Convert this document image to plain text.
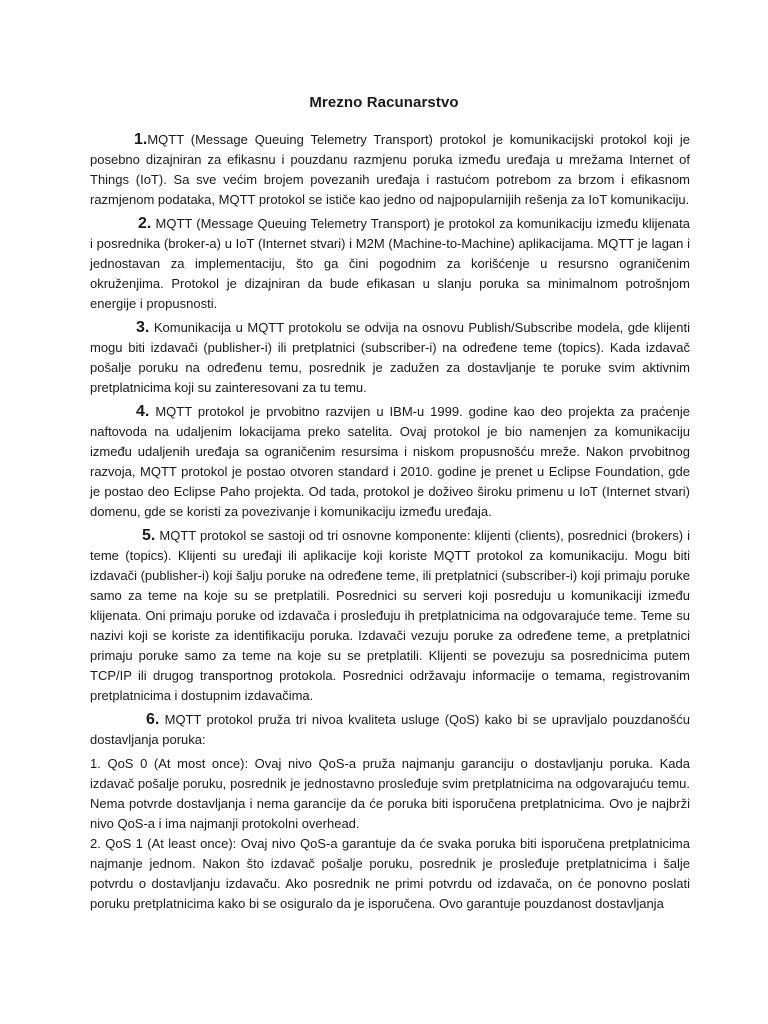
Mrezno Racunarstvo

1.MQTT (Message Queuing Telemetry Transport) protokol je komunikacijski protokol koji je posebno dizajniran za efikasnu i pouzdanu razmjenu poruka između uređaja u mrežama Internet of Things (IoT). Sa sve većim brojem povezanih uređaja i rastućom potrebom za brzom i efikasnom razmjenom podataka, MQTT protokol se ističe kao jedno od najpopularnijih rešenja za IoT komunikaciju.

2. MQTT (Message Queuing Telemetry Transport) je protokol za komunikaciju između klijenata i posrednika (broker-a) u IoT (Internet stvari) i M2M (Machine-to-Machine) aplikacijama. MQTT je lagan i jednostavan za implementaciju, što ga čini pogodnim za korišćenje u resursno ograničenim okruženjima. Protokol je dizajniran da bude efikasan u slanju poruka sa minimalnom potrošnjom energije i propusnosti.

3. Komunikacija u MQTT protokolu se odvija na osnovu Publish/Subscribe modela, gde klijenti mogu biti izdavači (publisher-i) ili pretplatnici (subscriber-i) na određene teme (topics). Kada izdavač pošalje poruku na određenu temu, posrednik je zadužen za dostavljanje te poruke svim aktivnim pretplatnicima koji su zainteresovani za tu temu.

4. MQTT protokol je prvobitno razvijen u IBM-u 1999. godine kao deo projekta za praćenje naftovoda na udaljenim lokacijama preko satelita. Ovaj protokol je bio namenjen za komunikaciju između udaljenih uređaja sa ograničenim resursima i niskom propusnošću mreže. Nakon prvobitnog razvoja, MQTT protokol je postao otvoren standard i 2010. godine je prenet u Eclipse Foundation, gde je postao deo Eclipse Paho projekta. Od tada, protokol je doživeo široku primenu u IoT (Internet stvari) domenu, gde se koristi za povezivanje i komunikaciju između uređaja.

5. MQTT protokol se sastoji od tri osnovne komponente: klijenti (clients), posrednici (brokers) i teme (topics). Klijenti su uređaji ili aplikacije koji koriste MQTT protokol za komunikaciju. Mogu biti izdavači (publisher-i) koji šalju poruke na određene teme, ili pretplatnici (subscriber-i) koji primaju poruke samo za teme na koje su se pretplatili. Posrednici su serveri koji posreduju u komunikaciji između klijenata. Oni primaju poruke od izdavača i prosleđuju ih pretplatnicima na odgovarajuće teme. Teme su nazivi koji se koriste za identifikaciju poruka. Izdavači vezuju poruke za određene teme, a pretplatnici primaju poruke samo za teme na koje su se pretplatili. Klijenti se povezuju sa posrednicima putem TCP/IP ili drugog transportnog protokola. Posrednici održavaju informacije o temama, registrovanim pretplatnicima i dostupnim izdavačima.

6. MQTT protokol pruža tri nivoa kvaliteta usluge (QoS) kako bi se upravljalo pouzdanošću dostavljanja poruka:

1. QoS 0 (At most once): Ovaj nivo QoS-a pruža najmanju garanciju o dostavljanju poruka. Kada izdavač pošalje poruku, posrednik je jednostavno prosleđuje svim pretplatnicima na odgovarajuću temu. Nema potvrde dostavljanja i nema garancije da će poruka biti isporučena pretplatnicima. Ovo je najbrži nivo QoS-a i ima najmanji protokolni overhead.

2. QoS 1 (At least once): Ovaj nivo QoS-a garantuje da će svaka poruka biti isporučena pretplatnicima najmanje jednom. Nakon što izdavač pošalje poruku, posrednik je prosleđuje pretplatnicima i šalje potvrdu o dostavljanju izdavaču. Ako posrednik ne primi potvrdu od izdavača, on će ponovno poslati poruku pretplatnicima kako bi se osiguralo da je isporučena. Ovo garantuje pouzdanost dostavljanja
